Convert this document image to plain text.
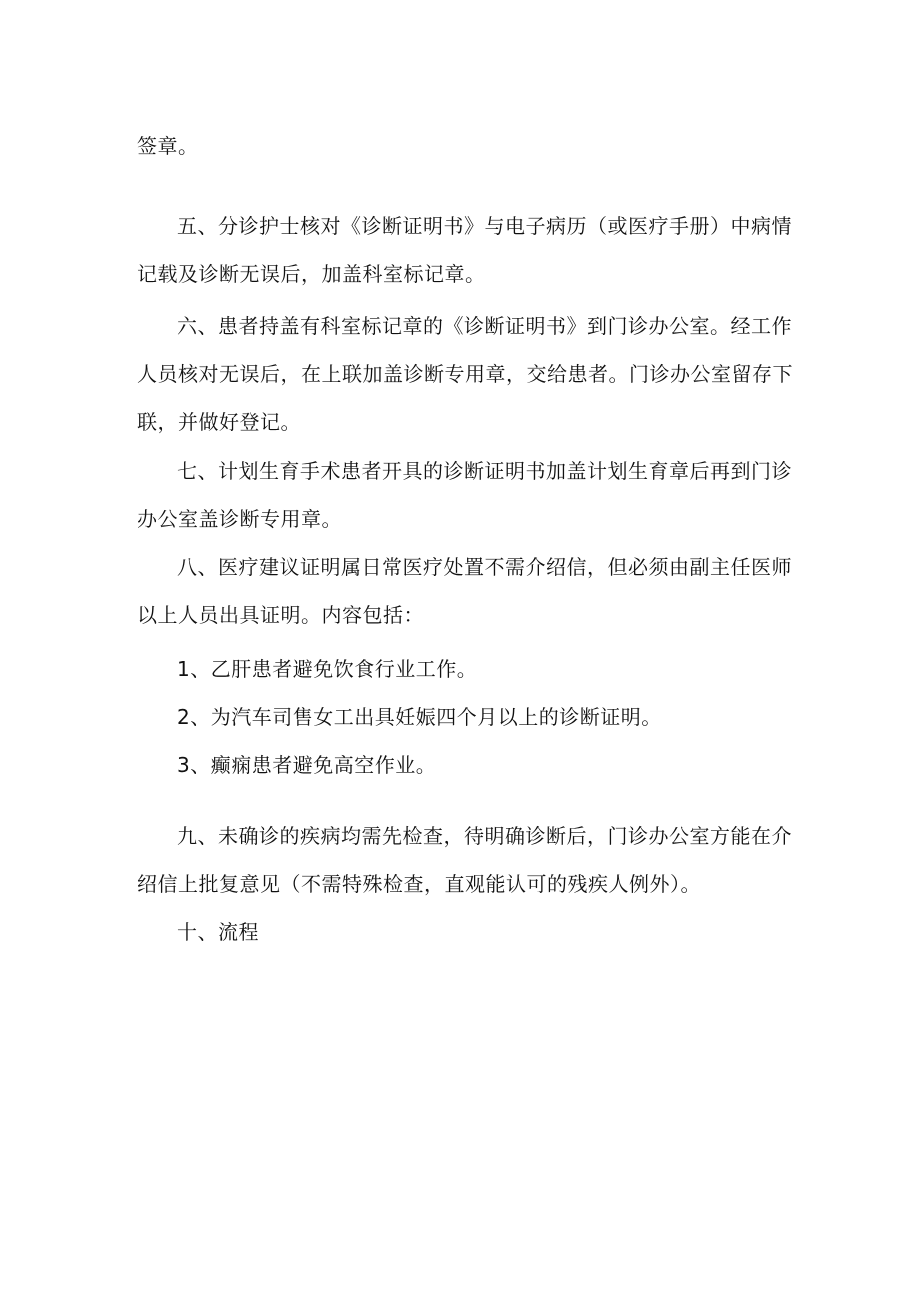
签章。
五、分诊护士核对《诊断证明书》与电子病历（或医疗手册）中病情
记载及诊断无误后，加盖科室标记章。
六、患者持盖有科室标记章的《诊断证明书》到门诊办公室。经工作
人员核对无误后，在上联加盖诊断专用章，交给患者。门诊办公室留存下
联，并做好登记。
七、计划生育手术患者开具的诊断证明书加盖计划生育章后再到门诊
办公室盖诊断专用章。
八、医疗建议证明属日常医疗处置不需介绍信，但必须由副主任医师
以上人员出具证明。内容包括：
1、乙肝患者避免饮食行业工作。
2、为汽车司售女工出具妊娠四个月以上的诊断证明。
3、癫痫患者避免高空作业。
九、未确诊的疾病均需先检查，待明确诊断后，门诊办公室方能在介
绍信上批复意见（不需特殊检查，直观能认可的残疾人例外）。
十、流程
